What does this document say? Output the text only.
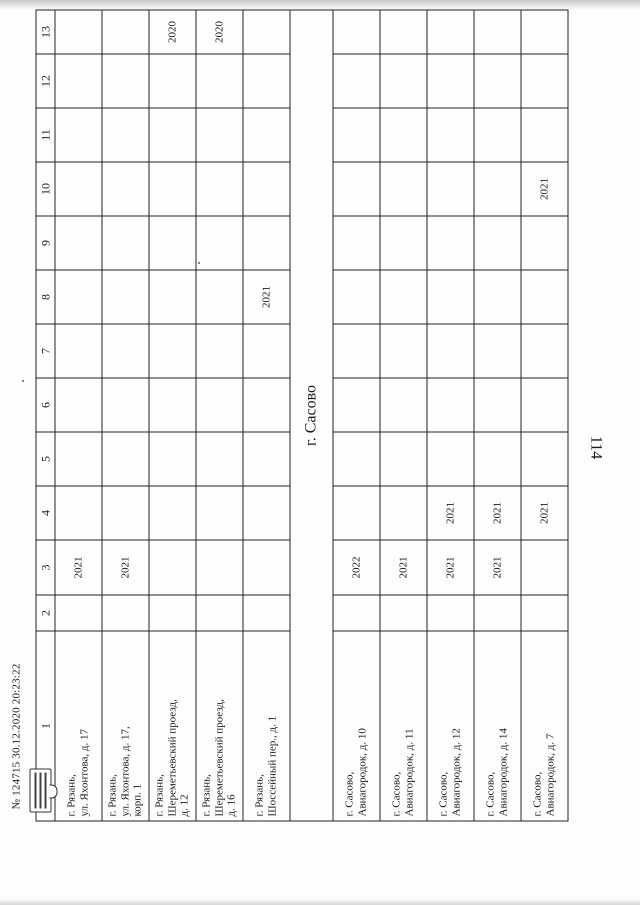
114
1	2	3	4	5	6	7	8	9	10	11	12	13

г. Рязань, ул. Яхонтова, д. 17		2021										

г. Рязань, ул. Яхонтова, д. 17, корп. 1		2021										

г. Рязань, Шереметьевский проезд, д. 12												2020

г. Рязань, Шереметьевский проезд, д. 16												2020

г. Рязань, Шоссейный пер., д. 1							2021					
г. Сасово												

г. Сасово, Авиагородок, д. 10		2022										

г. Сасово, Авиагородок, д. 11		2021										

г. Сасово, Авиагородок, д. 12		2021	2021									

г. Сасово, Авиагородок, д. 14		2021	2021									

г. Сасово, Авиагородок, д. 7			2021						2021			
№ 124715 30.12.2020 20:23:22
